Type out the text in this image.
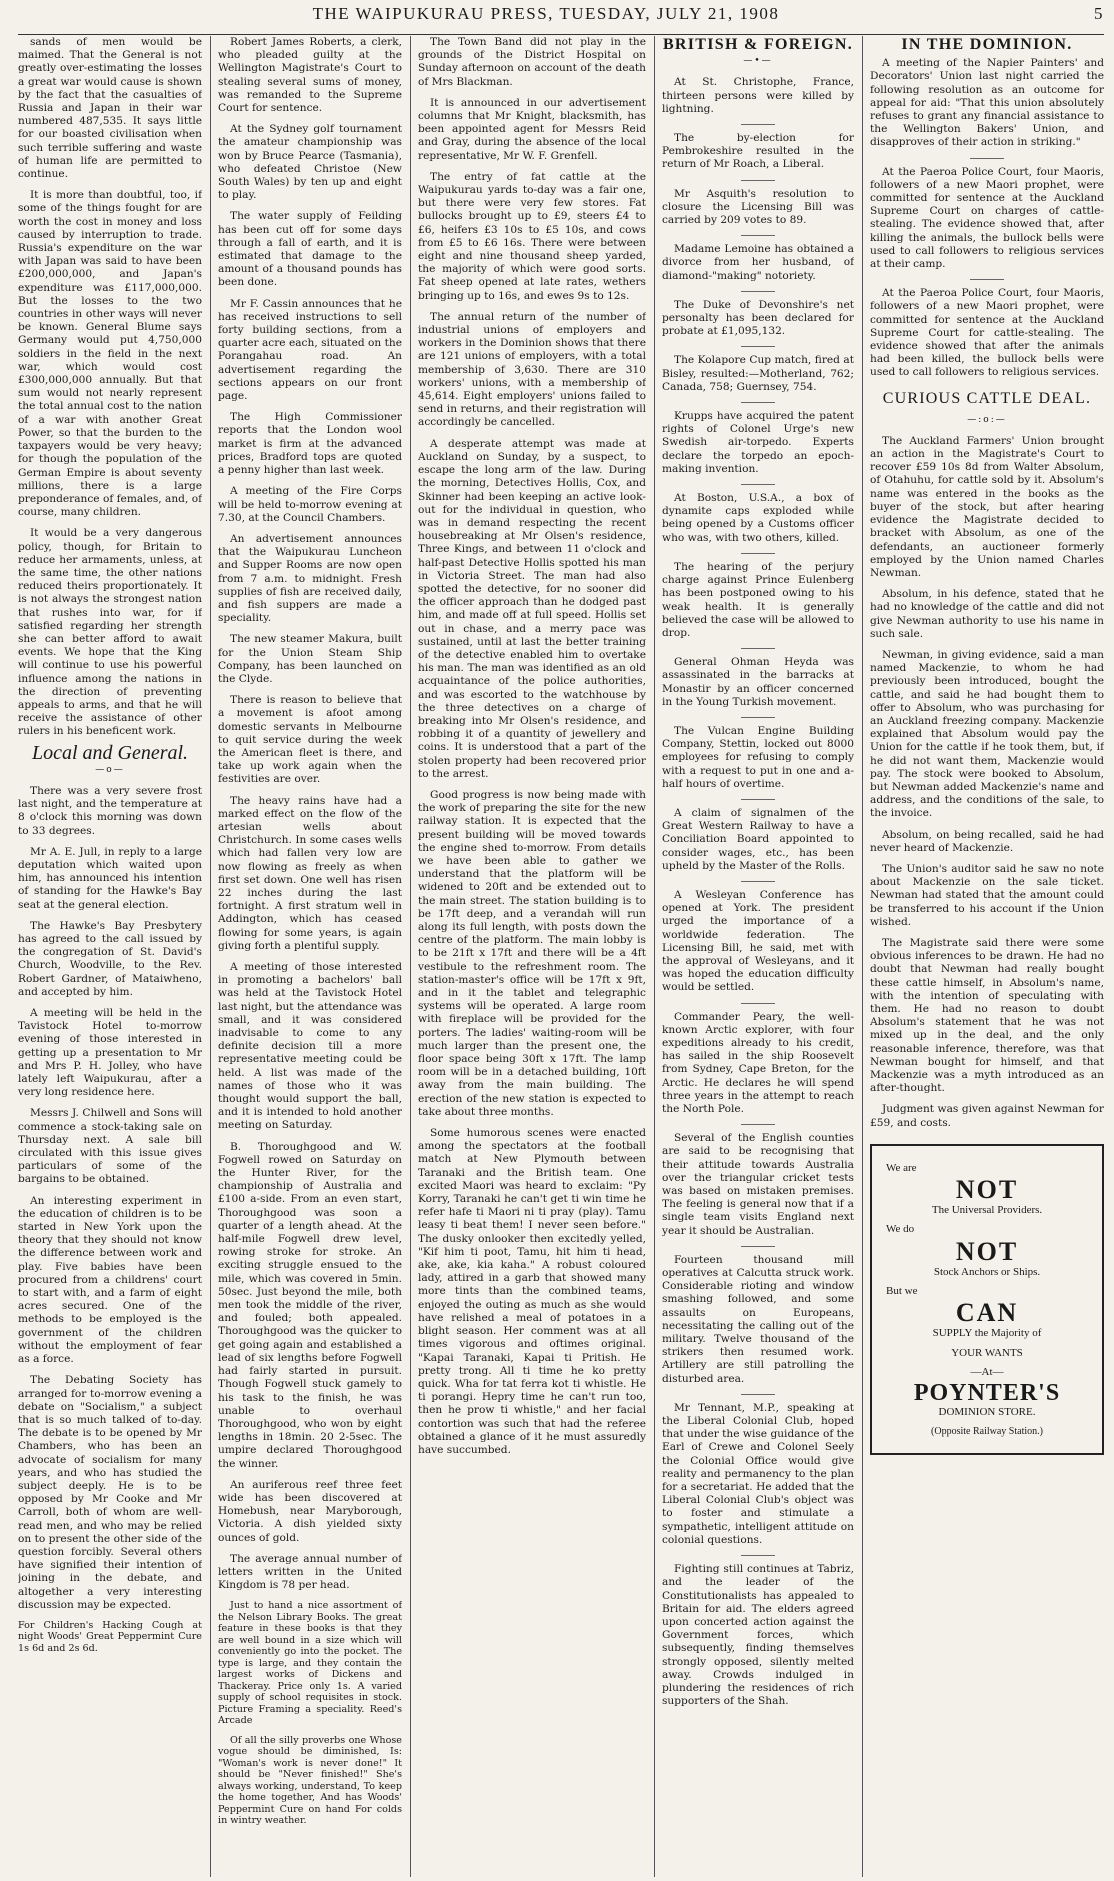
THE WAIPUKURAU PRESS, TUESDAY, JULY 21, 1908	5

sands of men would be maimed. That the General is not greatly over-estimating the losses a great war would cause is shown by the fact that the casualties of Russia and Japan in their war numbered 487,535. It says little for our boasted civilisation when such terrible suffering and waste of human life are permitted to continue.

It is more than doubtful, too, if some of the things fought for are worth the cost in money and loss caused by interruption to trade. Russia's expenditure on the war with Japan was said to have been £200,000,000, and Japan's expenditure was £117,000,000. But the losses to the two countries in other ways will never be known. General Blume says Germany would put 4,750,000 soldiers in the field in the next war, which would cost £300,000,000 annually. But that sum would not nearly represent the total annual cost to the nation of a war with another Great Power, so that the burden to the taxpayers would be very heavy; for though the population of the German Empire is about seventy millions, there is a large preponderance of females, and, of course, many children.

It would be a very dangerous policy, though, for Britain to reduce her armaments, unless, at the same time, the other nations reduced theirs proportionately. It is not always the strongest nation that rushes into war, for if satisfied regarding her strength she can better afford to await events. We hope that the King will continue to use his powerful influence among the nations in the direction of preventing appeals to arms, and that he will receive the assistance of other rulers in his beneficent work.

Local and General.
—o—

There was a very severe frost last night, and the temperature at 8 o'clock this morning was down to 33 degrees.

Mr A. E. Jull, in reply to a large deputation which waited upon him, has announced his intention of standing for the Hawke's Bay seat at the general election.

The Hawke's Bay Presbytery has agreed to the call issued by the congregation of St. David's Church, Woodville, to the Rev. Robert Gardner, of Mataiwheno, and accepted by him.

A meeting will be held in the Tavistock Hotel to-morrow evening of those interested in getting up a presentation to Mr and Mrs P. H. Jolley, who have lately left Waipukurau, after a very long residence here.

Messrs J. Chilwell and Sons will commence a stock-taking sale on Thursday next. A sale bill circulated with this issue gives particulars of some of the bargains to be obtained.

An interesting experiment in the education of children is to be started in New York upon the theory that they should not know the difference between work and play. Five babies have been procured from a childrens' court to start with, and a farm of eight acres secured. One of the methods to be employed is the government of the children without the employment of fear as a force.

The Debating Society has arranged for to-morrow evening a debate on "Socialism," a subject that is so much talked of to-day. The debate is to be opened by Mr Chambers, who has been an advocate of socialism for many years, and who has studied the subject deeply. He is to be opposed by Mr Cooke and Mr Carroll, both of whom are well-read men, and who may be relied on to present the other side of the question forcibly. Several others have signified their intention of joining in the debate, and altogether a very interesting discussion may be expected.

For Children's Hacking Cough at night Woods' Great Peppermint Cure 1s 6d and 2s 6d.

Robert James Roberts, a clerk, who pleaded guilty at the Wellington Magistrate's Court to stealing several sums of money, was remanded to the Supreme Court for sentence.

At the Sydney golf tournament the amateur championship was won by Bruce Pearce (Tasmania), who defeated Christoe (New South Wales) by ten up and eight to play.

The water supply of Feilding has been cut off for some days through a fall of earth, and it is estimated that damage to the amount of a thousand pounds has been done.

Mr F. Cassin announces that he has received instructions to sell forty building sections, from a quarter acre each, situated on the Porangahau road. An advertisement regarding the sections appears on our front page.

The High Commissioner reports that the London wool market is firm at the advanced prices, Bradford tops are quoted a penny higher than last week.

A meeting of the Fire Corps will be held to-morrow evening at 7.30, at the Council Chambers.

An advertisement announces that the Waipukurau Luncheon and Supper Rooms are now open from 7 a.m. to midnight. Fresh supplies of fish are received daily, and fish suppers are made a speciality.

The new steamer Makura, built for the Union Steam Ship Company, has been launched on the Clyde.

There is reason to believe that a movement is afoot among domestic servants in Melbourne to quit service during the week the American fleet is there, and take up work again when the festivities are over.

The heavy rains have had a marked effect on the flow of the artesian wells about Christchurch. In some cases wells which had fallen very low are now flowing as freely as when first set down. One well has risen 22 inches during the last fortnight. A first stratum well in Addington, which has ceased flowing for some years, is again giving forth a plentiful supply.

A meeting of those interested in promoting a bachelors' ball was held at the Tavistock Hotel last night, but the attendance was small, and it was considered inadvisable to come to any definite decision till a more representative meeting could be held. A list was made of the names of those who it was thought would support the ball, and it is intended to hold another meeting on Saturday.

B. Thoroughgood and W. Fogwell rowed on Saturday on the Hunter River, for the championship of Australia and £100 a-side. From an even start, Thoroughgood was soon a quarter of a length ahead. At the half-mile Fogwell drew level, rowing stroke for stroke. An exciting struggle ensued to the mile, which was covered in 5min. 50sec. Just beyond the mile, both men took the middle of the river, and fouled; both appealed. Thoroughgood was the quicker to get going again and established a lead of six lengths before Fogwell had fairly started in pursuit. Though Fogwell stuck gamely to his task to the finish, he was unable to overhaul Thoroughgood, who won by eight lengths in 18min. 20 2-5sec. The umpire declared Thoroughgood the winner.

An auriferous reef three feet wide has been discovered at Homebush, near Maryborough, Victoria. A dish yielded sixty ounces of gold.

The average annual number of letters written in the United Kingdom is 78 per head.

Just to hand a nice assortment of the Nelson Library Books. The great feature in these books is that they are well bound in a size which will conveniently go into the pocket. The type is large, and they contain the largest works of Dickens and Thackeray. Price only 1s. A varied supply of school requisites in stock. Picture Framing a speciality. Reed's Arcade

Of all the silly proverbs one Whose vogue should be diminished, Is: "Woman's work is never done!" It should be "Never finished!" She's always working, understand, To keep the home together, And has Woods' Peppermint Cure on hand For colds in wintry weather.

The Town Band did not play in the grounds of the District Hospital on Sunday afternoon on account of the death of Mrs Blackman.

It is announced in our advertisement columns that Mr Knight, blacksmith, has been appointed agent for Messrs Reid and Gray, during the absence of the local representative, Mr W. F. Grenfell.

The entry of fat cattle at the Waipukurau yards to-day was a fair one, but there were very few stores. Fat bullocks brought up to £9, steers £4 to £6, heifers £3 10s to £5 10s, and cows from £5 to £6 16s. There were between eight and nine thousand sheep yarded, the majority of which were good sorts. Fat sheep opened at late rates, wethers bringing up to 16s, and ewes 9s to 12s.

The annual return of the number of industrial unions of employers and workers in the Dominion shows that there are 121 unions of employers, with a total membership of 3,630. There are 310 workers' unions, with a membership of 45,614. Eight employers' unions failed to send in returns, and their registration will accordingly be cancelled.

A desperate attempt was made at Auckland on Sunday, by a suspect, to escape the long arm of the law. During the morning, Detectives Hollis, Cox, and Skinner had been keeping an active look-out for the individual in question, who was in demand respecting the recent housebreaking at Mr Olsen's residence, Three Kings, and between 11 o'clock and half-past Detective Hollis spotted his man in Victoria Street. The man had also spotted the detective, for no sooner did the officer approach than he dodged past him, and made off at full speed. Hollis set out in chase, and a merry pace was sustained, until at last the better training of the detective enabled him to overtake his man. The man was identified as an old acquaintance of the police authorities, and was escorted to the watchhouse by the three detectives on a charge of breaking into Mr Olsen's residence, and robbing it of a quantity of jewellery and coins. It is understood that a part of the stolen property had been recovered prior to the arrest.

Good progress is now being made with the work of preparing the site for the new railway station. It is expected that the present building will be moved towards the engine shed to-morrow. From details we have been able to gather we understand that the platform will be widened to 20ft and be extended out to the main street. The station building is to be 17ft deep, and a verandah will run along its full length, with posts down the centre of the platform. The main lobby is to be 21ft x 17ft and there will be a 4ft vestibule to the refreshment room. The station-master's office will be 17ft x 9ft, and in it the tablet and telegraphic systems will be operated. A large room with fireplace will be provided for the porters. The ladies' waiting-room will be much larger than the present one, the floor space being 30ft x 17ft. The lamp room will be in a detached building, 10ft away from the main building. The erection of the new station is expected to take about three months.

Some humorous scenes were enacted among the spectators at the football match at New Plymouth between Taranaki and the British team. One excited Maori was heard to exclaim: "Py Korry, Taranaki he can't get ti win time he refer hafe ti Maori ni ti pray (play). Tamu leasy ti beat them! I never seen before." The dusky onlooker then excitedly yelled, "Kif him ti poot, Tamu, hit him ti head, ake, ake, kia kaha." A robust coloured lady, attired in a garb that showed many more tints than the combined teams, enjoyed the outing as much as she would have relished a meal of potatoes in a blight season. Her comment was at all times vigorous and oftimes original. "Kapai Taranaki, Kapai ti Pritish. He pretty trong. All ti time he ko pretty quick. Wha for tat ferra kot ti whistle. He ti porangi. Hepry time he can't run too, then he prow ti whistle," and her facial contortion was such that had the referee obtained a glance of it he must assuredly have succumbed.

BRITISH & FOREIGN.
—•—

At St. Christophe, France, thirteen persons were killed by lightning.

The by-election for Pembrokeshire resulted in the return of Mr Roach, a Liberal.

Mr Asquith's resolution to closure the Licensing Bill was carried by 209 votes to 89.

Madame Lemoine has obtained a divorce from her husband, of diamond-"making" notoriety.

The Duke of Devonshire's net personalty has been declared for probate at £1,095,132.

The Kolapore Cup match, fired at Bisley, resulted:—Motherland, 762; Canada, 758; Guernsey, 754.

Krupps have acquired the patent rights of Colonel Urge's new Swedish air-torpedo. Experts declare the torpedo an epoch-making invention.

At Boston, U.S.A., a box of dynamite caps exploded while being opened by a Customs officer who was, with two others, killed.

The hearing of the perjury charge against Prince Eulenberg has been postponed owing to his weak health. It is generally believed the case will be allowed to drop.

General Ohman Heyda was assassinated in the barracks at Monastir by an officer concerned in the Young Turkish movement.

The Vulcan Engine Building Company, Stettin, locked out 8000 employees for refusing to comply with a request to put in one and a-half hours of overtime.

A claim of signalmen of the Great Western Railway to have a Conciliation Board appointed to consider wages, etc., has been upheld by the Master of the Rolls.

A Wesleyan Conference has opened at York. The president urged the importance of a worldwide federation. The Licensing Bill, he said, met with the approval of Wesleyans, and it was hoped the education difficulty would be settled.

Commander Peary, the well-known Arctic explorer, with four expeditions already to his credit, has sailed in the ship Roosevelt from Sydney, Cape Breton, for the Arctic. He declares he will spend three years in the attempt to reach the North Pole.

Several of the English counties are said to be recognising that their attitude towards Australia over the triangular cricket tests was based on mistaken premises. The feeling is general now that if a single team visits England next year it should be Australian.

Fourteen thousand mill operatives at Calcutta struck work. Considerable rioting and window smashing followed, and some assaults on Europeans, necessitating the calling out of the military. Twelve thousand of the strikers then resumed work. Artillery are still patrolling the disturbed area.

Mr Tennant, M.P., speaking at the Liberal Colonial Club, hoped that under the wise guidance of the Earl of Crewe and Colonel Seely the Colonial Office would give reality and permanency to the plan for a secretariat. He added that the Liberal Colonial Club's object was to foster and stimulate a sympathetic, intelligent attitude on colonial questions.

Fighting still continues at Tabriz, and the leader of the Constitutionalists has appealed to Britain for aid. The elders agreed upon concerted action against the Government forces, which subsequently, finding themselves strongly opposed, silently melted away. Crowds indulged in plundering the residences of rich supporters of the Shah.

IN THE DOMINION.

A meeting of the Napier Painters' and Decorators' Union last night carried the following resolution as an outcome for appeal for aid: "That this union absolutely refuses to grant any financial assistance to the Wellington Bakers' Union, and disapproves of their action in striking."

At the Paeroa Police Court, four Maoris, followers of a new Maori prophet, were committed for sentence at the Auckland Supreme Court on charges of cattle-stealing. The evidence showed that, after killing the animals, the bullock bells were used to call followers to religious services at their camp.

At the Paeroa Police Court, four Maoris, followers of a new Maori prophet, were committed for sentence at the Auckland Supreme Court for cattle-stealing. The evidence showed that after the animals had been killed, the bullock bells were used to call followers to religious services.

CURIOUS CATTLE DEAL.
—:o:—

The Auckland Farmers' Union brought an action in the Magistrate's Court to recover £59 10s 8d from Walter Absolum, of Otahuhu, for cattle sold by it. Absolum's name was entered in the books as the buyer of the stock, but after hearing evidence the Magistrate decided to bracket with Absolum, as one of the defendants, an auctioneer formerly employed by the Union named Charles Newman.

Absolum, in his defence, stated that he had no knowledge of the cattle and did not give Newman authority to use his name in such sale.

Newman, in giving evidence, said a man named Mackenzie, to whom he had previously been introduced, bought the cattle, and said he had bought them to offer to Absolum, who was purchasing for an Auckland freezing company. Mackenzie explained that Absolum would pay the Union for the cattle if he took them, but, if he did not want them, Mackenzie would pay. The stock were booked to Absolum, but Newman added Mackenzie's name and address, and the conditions of the sale, to the invoice.

Absolum, on being recalled, said he had never heard of Mackenzie.

The Union's auditor said he saw no note about Mackenzie on the sale ticket. Newman had stated that the amount could be transferred to his account if the Union wished.

The Magistrate said there were some obvious inferences to be drawn. He had no doubt that Newman had really bought these cattle himself, in Absolum's name, with the intention of speculating with them. He had no reason to doubt Absolum's statement that he was not mixed up in the deal, and the only reasonable inference, therefore, was that Newman bought for himself, and that Mackenzie was a myth introduced as an after-thought.

Judgment was given against Newman for £59, and costs.

We are
NOT
The Universal Providers.
We do
NOT
Stock Anchors or Ships.
But we
CAN
SUPPLY the Majority of
YOUR WANTS
—At—
POYNTER'S
DOMINION STORE.
(Opposite Railway Station.)
